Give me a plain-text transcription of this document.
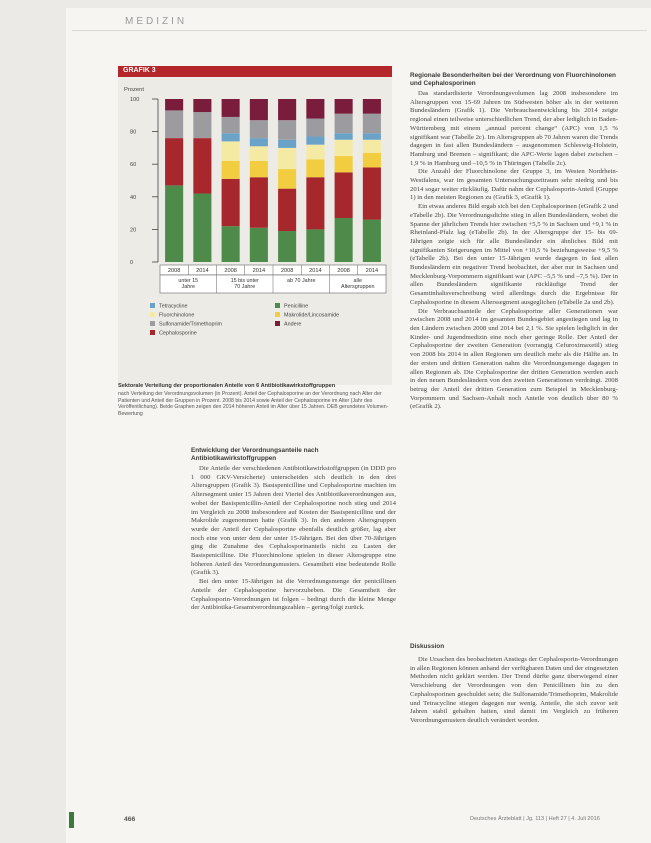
MEDIZIN
GRAFIK 3
Prozent
0
20
40
60
80
100
2008	2014	2008	2014	2008	2014	2008	2014
unter 15
Jahre
15 bis unter
70 Jahre
ab 70 Jahre	alle
Altersgruppen
Tetracycline
Fluorchinolone
Sulfonamide/Trimethoprim
Cephalosporine
Penicilline
Makrolide/Lincosamide
Andere
Sektorale Verteilung der proportionalen Anteile von 6 Antibiotikawirkstoffgruppen
nach Verteilung der Verordnungsvolumen (in Prozent). Anteil der Cephalosporine an der Verordnung nach Alter der Patienten und Anteil der Gruppen in Prozent. 2008 bis 2014 sowie Anteil der Cephalosporine im Alter (Jahr des Veröffentlichung). Beide Graphen zeigen den 2014 höheren Anteil im Alter über 15 Jahren. DEB gerundetes Volumen-Bewertung
Entwicklung der Verordnungsanteile nach Antibiotikawirkstoffgruppen

Die Anteile der verschiedenen Antibiotikawirkstoffgruppen (in DDD pro 1 000 GKV-Versicherte) unterscheiden sich deutlich in den drei Altersgruppen (Grafik 3). Basispenicilline und Cephalosporine machten im Altersegment unter 15 Jahren drei Viertel des Antibiotikaverordnungen aus, wobei der Basispenicillin-Anteil der Cephalosporine noch stieg und 2014 im Vergleich zu 2008 insbesondere auf Kosten der Basispenicilline und der Makrolide zugenommen hatte (Grafik 3). In den anderen Altersgruppen wurde der Anteil der Cephalosporine ebenfalls deutlich größer, lag aber noch eine von unter dem der unter 15-Jährigen. Bei den über 70-Jährigen ging die Zunahme des Cephalosporinanteils nicht zu Lasten der Basispenicilline. Die Fluorchinolone spielen in dieser Altersgruppe eine höheren Anteil des Verordnungsmusters. Gesamtheit eine bedeutende Rolle (Grafik 3).

Bei den unter 15-Jährigen ist die Verordnungsmenge der penicillinen Anteile der Cephalosporine hervorzuheben. Die Gesamtheit der Cephalosporin-Verordnungen ist folgen – bedingt durch die kleine Menge der Antibiotika-Gesamtverordnungszahlen – gering/folgt zurück.

Regionale Besonderheiten bei der Verordnung von Fluorchinolonen und Cephalosporinen

Das standardisierte Verordnungsvolumen lag 2008 insbesondere im Altersgruppen von 15-69 Jahren im Südwesten höher als in der weiteren Bundesländern (Grafik 1). Die Verbrauchsentwicklung bis 2014 zeigte regional einen teilweise unterschiedlichen Trend, der aber lediglich in Baden-Württemberg mit einem „annual percent change“ (APC) von 1,5 % signifikant war (Tabelle 2c). Im Altersgruppen ab 70 Jahren waren die Trends dagegen in fast allen Bundesländern – ausgenommen Schleswig-Holstein, Hamburg und Bremen – signifikant; die APC-Werte lagen dabei zwischen –1,9 % in Hamburg und –10,5 % in Thüringen (Tabelle 2c).

Die Anzahl der Fluorchinolone der Gruppe 3, im Westen Nordrhein-Westfalens, war im gesamten Untersuchungszeitraum sehr niedrig und bis 2014 sogar weiter rückläufig. Dafür nahm der Cephalosporin-Anteil (Gruppe 1) in den meisten Regionen zu (Grafik 3, eGrafik 1).

Ein etwas anderes Bild ergab sich bei den Cephalosporinen (eGrafik 2 und eTabelle 2b). Die Verordnungsdichte stieg in allen Bundesländern, wobei die Spanne der jährlichen Trends hier zwischen +5,5 % in Sachsen und +9,1 % in Rheinland-Pfalz lag (eTabelle 2b). In der Altersgruppe der 15- bis 69-Jährigen zeigte sich für alle Bundesländer ein ähnliches Bild mit signifikanten Steigerungen im Mittel von +10,5 % beziehungsweise +9,5 % (eTabelle 2b). Bei den unter 15-Jährigen wurde dagegen in fast allen Bundesländern ein negativer Trend beobachtet, der aber nur in Sachsen und Mecklenburg-Vorpommern signifikant war (APC –5,5 % und –7,5 %). Der in allen Bundesländern signifikante rückläufige Trend der Gesamtinhaltsverschreibung wird allerdings durch die Ergebnisse für Cephalosporine in diesem Alterssegment ausgeglichen (eTabelle 2a und 2b).

Die Verbrauchsanteile der Cephalosporine aller Generationen war zwischen 2008 und 2014 im gesamten Bundesgebiet angestiegen und lag in den Ländern zwischen 2008 und 2014 bei 2,1 %. Sie spielen lediglich in der Kinder- und Jugendmedizin eine noch eher geringe Rolle. Der Anteil der Cephalosporine der zweiten Generation (vorrangig Cefuroximaxetil) stieg von 2008 bis 2014 in allen Regionen um deutlich mehr als die Hälfte an. In der ersten und dritten Generation nahm die Verordnungsmenge dagegen in allen Regionen ab. Die Cephalosporine der dritten Generation werden auch in den neuen Bundesländern von den zweiten Generationen verdrängt. 2008 betrug der Anteil der dritten Generation zum Beispiel in Mecklenburg-Vorpommern und Sachsen-Anhalt noch Anteile von deutlich über 80 % (eGrafik 2).

Diskussion

Die Ursachen des beobachteten Anstiegs der Cephalosporin-Verordnungen in allen Regionen können anhand der verfügbaren Daten und der eingesetzten Methoden nicht geklärt werden. Der Trend dürfte ganz überwiegend einer Verschiebung der Verordnungen von den Penicillinen hin zu den Cephalosporinen geschuldet sein; die Sulfonamide/Trimethoprim, Makrolide und Tetracycline stiegen dagegen nur wenig. Anteile, die sich zuvor seit Jahren stabil gehalten hatten, sind damit im Vergleich zu früheren Verordnungsmustern deutlich verändert worden.

466	Deutsches Ärzteblatt | Jg. 113 | Heft 27 | 4. Juli 2016
